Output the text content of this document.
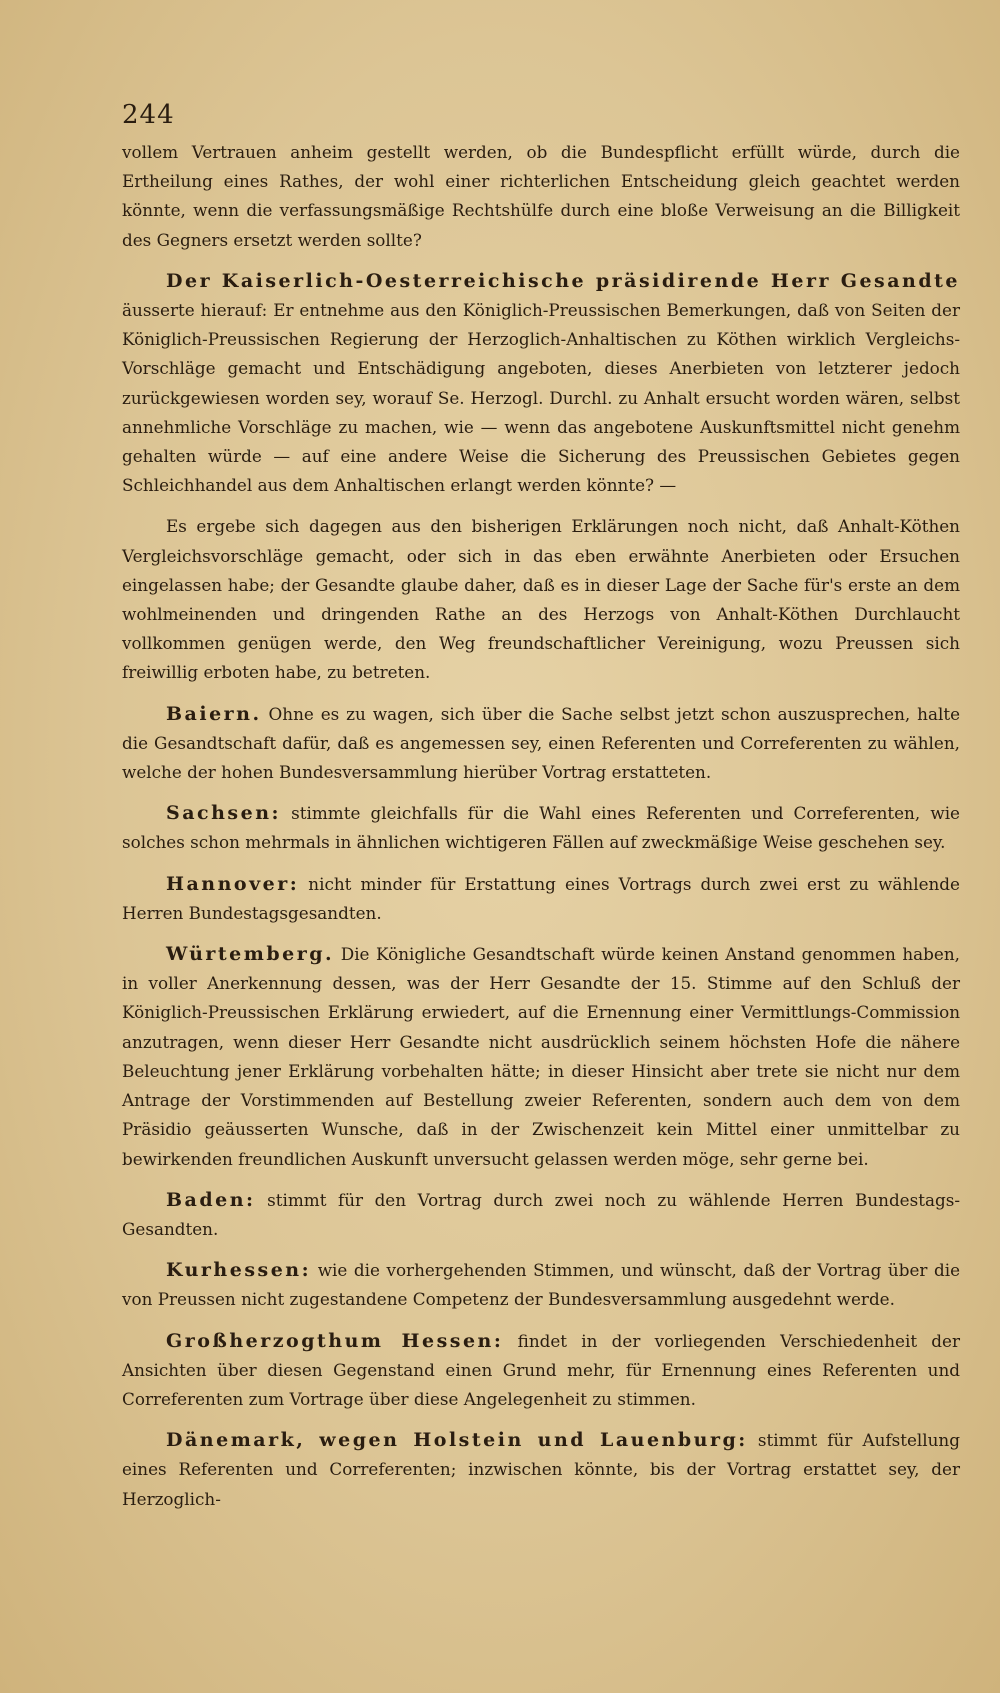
244

vollem Vertrauen anheim gestellt werden, ob die Bundespflicht erfüllt würde, durch die Ertheilung eines Rathes, der wohl einer richterlichen Entscheidung gleich geachtet werden könnte, wenn die verfassungsmäßige Rechtshülfe durch eine bloße Verweisung an die Billigkeit des Gegners ersetzt werden sollte?

Der Kaiserlich-Oesterreichische präsidirende Herr Gesandte äusserte hierauf: Er entnehme aus den Königlich-Preussischen Bemerkungen, daß von Seiten der Königlich-Preussischen Regierung der Herzoglich-Anhaltischen zu Köthen wirklich Vergleichs-Vorschläge gemacht und Entschädigung angeboten, dieses Anerbieten von letzterer jedoch zurückgewiesen worden sey, worauf Se. Herzogl. Durchl. zu Anhalt ersucht worden wären, selbst annehmliche Vorschläge zu machen, wie — wenn das angebotene Auskunftsmittel nicht genehm gehalten würde — auf eine andere Weise die Sicherung des Preussischen Gebietes gegen Schleichhandel aus dem Anhaltischen erlangt werden könnte? —

Es ergebe sich dagegen aus den bisherigen Erklärungen noch nicht, daß Anhalt-Köthen Vergleichsvorschläge gemacht, oder sich in das eben erwähnte Anerbieten oder Ersuchen eingelassen habe; der Gesandte glaube daher, daß es in dieser Lage der Sache für's erste an dem wohlmeinenden und dringenden Rathe an des Herzogs von Anhalt-Köthen Durchlaucht vollkommen genügen werde, den Weg freundschaftlicher Vereinigung, wozu Preussen sich freiwillig erboten habe, zu betreten.

Baiern. Ohne es zu wagen, sich über die Sache selbst jetzt schon auszusprechen, halte die Gesandtschaft dafür, daß es angemessen sey, einen Referenten und Correferenten zu wählen, welche der hohen Bundesversammlung hierüber Vortrag erstatteten.

Sachsen: stimmte gleichfalls für die Wahl eines Referenten und Correferenten, wie solches schon mehrmals in ähnlichen wichtigeren Fällen auf zweckmäßige Weise geschehen sey.

Hannover: nicht minder für Erstattung eines Vortrags durch zwei erst zu wählende Herren Bundestagsgesandten.

Würtemberg. Die Königliche Gesandtschaft würde keinen Anstand genommen haben, in voller Anerkennung dessen, was der Herr Gesandte der 15. Stimme auf den Schluß der Königlich-Preussischen Erklärung erwiedert, auf die Ernennung einer Vermittlungs-Commission anzutragen, wenn dieser Herr Gesandte nicht ausdrücklich seinem höchsten Hofe die nähere Beleuchtung jener Erklärung vorbehalten hätte; in dieser Hinsicht aber trete sie nicht nur dem Antrage der Vorstimmenden auf Bestellung zweier Referenten, sondern auch dem von dem Präsidio geäusserten Wunsche, daß in der Zwischenzeit kein Mittel einer unmittelbar zu bewirkenden freundlichen Auskunft unversucht gelassen werden möge, sehr gerne bei.

Baden: stimmt für den Vortrag durch zwei noch zu wählende Herren Bundestags-Gesandten.

Kurhessen: wie die vorhergehenden Stimmen, und wünscht, daß der Vortrag über die von Preussen nicht zugestandene Competenz der Bundesversammlung ausgedehnt werde.

Großherzogthum Hessen: findet in der vorliegenden Verschiedenheit der Ansichten über diesen Gegenstand einen Grund mehr, für Ernennung eines Referenten und Correferenten zum Vortrage über diese Angelegenheit zu stimmen.

Dänemark, wegen Holstein und Lauenburg: stimmt für Aufstellung eines Referenten und Correferenten; inzwischen könnte, bis der Vortrag erstattet sey, der Herzoglich-
